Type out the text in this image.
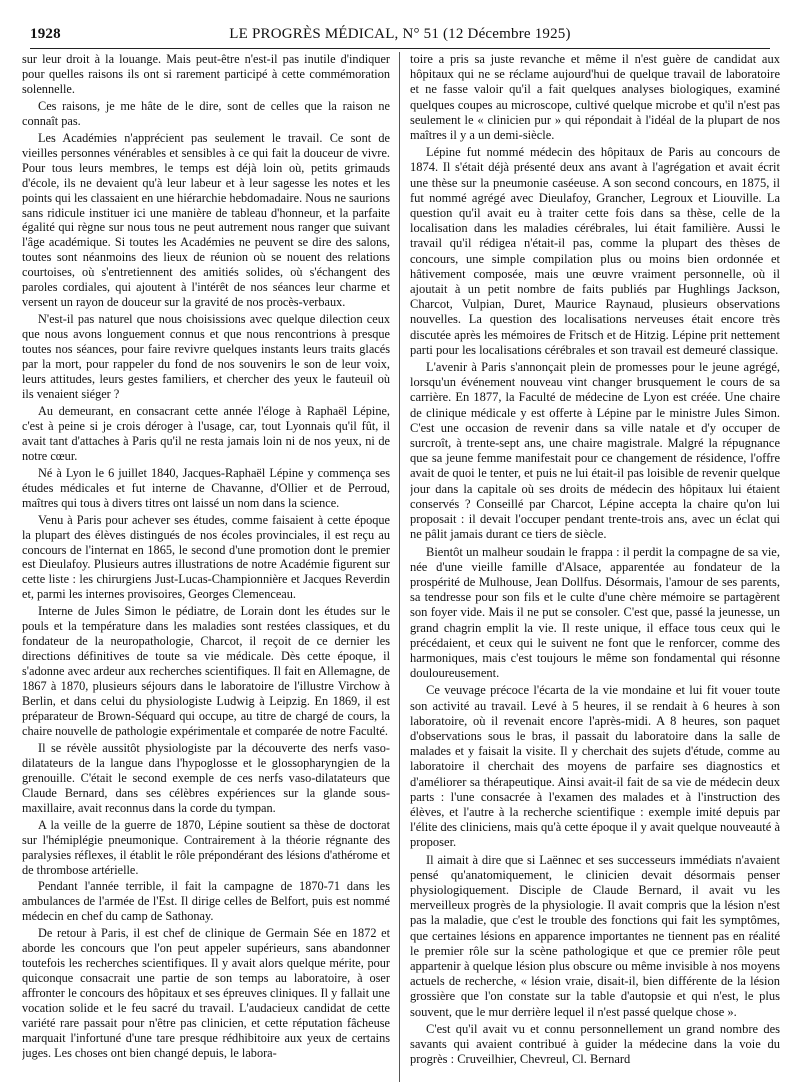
1928	LE PROGRÈS MÉDICAL, N° 51 (12 Décembre 1925)

sur leur droit à la louange. Mais peut-être n'est-il pas inutile d'indiquer pour quelles raisons ils ont si rarement participé à cette commémoration solennelle.

Ces raisons, je me hâte de le dire, sont de celles que la raison ne connaît pas.

Les Académies n'apprécient pas seulement le travail. Ce sont de vieilles personnes vénérables et sensibles à ce qui fait la douceur de vivre. Pour tous leurs membres, le temps est déjà loin où, petits grimauds d'école, ils ne devaient qu'à leur labeur et à leur sagesse les notes et les points qui les classaient en une hiérarchie hebdomadaire. Nous ne saurions sans ridicule instituer ici une manière de tableau d'honneur, et la parfaite égalité qui règne sur nous tous ne peut autrement nous ranger que suivant l'âge académique. Si toutes les Académies ne peuvent se dire des salons, toutes sont néanmoins des lieux de réunion où se nouent des relations courtoises, où s'entretiennent des amitiés solides, où s'échangent des paroles cordiales, qui ajoutent à l'intérêt de nos séances leur charme et versent un rayon de douceur sur la gravité de nos procès-verbaux.

N'est-il pas naturel que nous choisissions avec quelque dilection ceux que nous avons longuement connus et que nous rencontrions à presque toutes nos séances, pour faire revivre quelques instants leurs traits glacés par la mort, pour rappeler du fond de nos souvenirs le son de leur voix, leurs attitudes, leurs gestes familiers, et chercher des yeux le fauteuil où ils venaient siéger ?

Au demeurant, en consacrant cette année l'éloge à Raphaël Lépine, c'est à peine si je crois déroger à l'usage, car, tout Lyonnais qu'il fût, il avait tant d'attaches à Paris qu'il ne resta jamais loin ni de nos yeux, ni de notre cœur.

Né à Lyon le 6 juillet 1840, Jacques-Raphaël Lépine y commença ses études médicales et fut interne de Chavanne, d'Ollier et de Perroud, maîtres qui tous à divers titres ont laissé un nom dans la science.

Venu à Paris pour achever ses études, comme faisaient à cette époque la plupart des élèves distingués de nos écoles provinciales, il est reçu au concours de l'internat en 1865, le second d'une promotion dont le premier est Dieulafoy. Plusieurs autres illustrations de notre Académie figurent sur cette liste : les chirurgiens Just-Lucas-Championnière et Jacques Reverdin et, parmi les internes provisoires, Georges Clemenceau.

Interne de Jules Simon le pédiatre, de Lorain dont les études sur le pouls et la température dans les maladies sont restées classiques, et du fondateur de la neuropathologie, Charcot, il reçoit de ce dernier les directions définitives de toute sa vie médicale. Dès cette époque, il s'adonne avec ardeur aux recherches scientifiques. Il fait en Allemagne, de 1867 à 1870, plusieurs séjours dans le laboratoire de l'illustre Virchow à Berlin, et dans celui du physiologiste Ludwig à Leipzig. En 1869, il est préparateur de Brown-Séquard qui occupe, au titre de chargé de cours, la chaire nouvelle de pathologie expérimentale et comparée de notre Faculté.

Il se révèle aussitôt physiologiste par la découverte des nerfs vaso-dilatateurs de la langue dans l'hypoglosse et le glossopharyngien de la grenouille. C'était le second exemple de ces nerfs vaso-dilatateurs que Claude Bernard, dans ses célèbres expériences sur la glande sous-maxillaire, avait reconnus dans la corde du tympan.

A la veille de la guerre de 1870, Lépine soutient sa thèse de doctorat sur l'hémiplégie pneumonique. Contrairement à la théorie régnante des paralysies réflexes, il établit le rôle prépondérant des lésions d'athérome et de thrombose artérielle.

Pendant l'année terrible, il fait la campagne de 1870-71 dans les ambulances de l'armée de l'Est. Il dirige celles de Belfort, puis est nommé médecin en chef du camp de Sathonay.

De retour à Paris, il est chef de clinique de Germain Sée en 1872 et aborde les concours que l'on peut appeler supérieurs, sans abandonner toutefois les recherches scientifiques. Il y avait alors quelque mérite, pour quiconque consacrait une partie de son temps au laboratoire, à oser affronter le concours des hôpitaux et ses épreuves cliniques. Il y fallait une vocation solide et le feu sacré du travail. L'audacieux candidat de cette variété rare passait pour n'être pas clinicien, et cette réputation fâcheuse marquait l'infortuné d'une tare presque rédhibitoire aux yeux de certains juges. Les choses ont bien changé depuis, le labora-

toire a pris sa juste revanche et même il n'est guère de candidat aux hôpitaux qui ne se réclame aujourd'hui de quelque travail de laboratoire et ne fasse valoir qu'il a fait quelques analyses biologiques, examiné quelques coupes au microscope, cultivé quelque microbe et qu'il n'est pas seulement le « clinicien pur » qui répondait à l'idéal de la plupart de nos maîtres il y a un demi-siècle.

Lépine fut nommé médecin des hôpitaux de Paris au concours de 1874. Il s'était déjà présenté deux ans avant à l'agrégation et avait écrit une thèse sur la pneumonie caséeuse. A son second concours, en 1875, il fut nommé agrégé avec Dieulafoy, Grancher, Legroux et Liouville. La question qu'il avait eu à traiter cette fois dans sa thèse, celle de la localisation dans les maladies cérébrales, lui était familière. Aussi le travail qu'il rédigea n'était-il pas, comme la plupart des thèses de concours, une simple compilation plus ou moins bien ordonnée et hâtivement composée, mais une œuvre vraiment personnelle, où il ajoutait à un petit nombre de faits publiés par Hughlings Jackson, Charcot, Vulpian, Duret, Maurice Raynaud, plusieurs observations nouvelles. La question des localisations nerveuses était encore très discutée après les mémoires de Fritsch et de Hitzig. Lépine prit nettement parti pour les localisations cérébrales et son travail est demeuré classique.

L'avenir à Paris s'annonçait plein de promesses pour le jeune agrégé, lorsqu'un événement nouveau vint changer brusquement le cours de sa carrière. En 1877, la Faculté de médecine de Lyon est créée. Une chaire de clinique médicale y est offerte à Lépine par le ministre Jules Simon. C'est une occasion de revenir dans sa ville natale et d'y occuper de surcroît, à trente-sept ans, une chaire magistrale. Malgré la répugnance que sa jeune femme manifestait pour ce changement de résidence, l'offre avait de quoi le tenter, et puis ne lui était-il pas loisible de revenir quelque jour dans la capitale où ses droits de médecin des hôpitaux lui étaient conservés ? Conseillé par Charcot, Lépine accepta la chaire qu'on lui proposait : il devait l'occuper pendant trente-trois ans, avec un éclat qui ne pâlit jamais durant ce tiers de siècle.

Bientôt un malheur soudain le frappa : il perdit la compagne de sa vie, née d'une vieille famille d'Alsace, apparentée au fondateur de la prospérité de Mulhouse, Jean Dollfus. Désormais, l'amour de ses parents, sa tendresse pour son fils et le culte d'une chère mémoire se partagèrent son foyer vide. Mais il ne put se consoler. C'est que, passé la jeunesse, un grand chagrin emplit la vie. Il reste unique, il efface tous ceux qui le précédaient, et ceux qui le suivent ne font que le renforcer, comme des harmoniques, mais c'est toujours le même son fondamental qui résonne douloureusement.

Ce veuvage précoce l'écarta de la vie mondaine et lui fit vouer toute son activité au travail. Levé à 5 heures, il se rendait à 6 heures à son laboratoire, où il revenait encore l'après-midi. A 8 heures, son paquet d'observations sous le bras, il passait du laboratoire dans la salle de malades et y faisait la visite. Il y cherchait des sujets d'étude, comme au laboratoire il cherchait des moyens de parfaire ses diagnostics et d'améliorer sa thérapeutique. Ainsi avait-il fait de sa vie de médecin deux parts : l'une consacrée à l'examen des malades et à l'instruction des élèves, et l'autre à la recherche scientifique : exemple imité depuis par l'élite des cliniciens, mais qu'à cette époque il y avait quelque nouveauté à proposer.

Il aimait à dire que si Laënnec et ses successeurs immédiats n'avaient pensé qu'anatomiquement, le clinicien devait désormais penser physiologiquement. Disciple de Claude Bernard, il avait vu les merveilleux progrès de la physiologie. Il avait compris que la lésion n'est pas la maladie, que c'est le trouble des fonctions qui fait les symptômes, que certaines lésions en apparence importantes ne tiennent pas en réalité le premier rôle sur la scène pathologique et que ce premier rôle peut appartenir à quelque lésion plus obscure ou même invisible à nos moyens actuels de recherche, « lésion vraie, disait-il, bien différente de la lésion grossière que l'on constate sur la table d'autopsie et qui n'est, le plus souvent, que le mur derrière lequel il n'est passé quelque chose ».

C'est qu'il avait vu et connu personnellement un grand nombre des savants qui avaient contribué à guider la médecine dans la voie du progrès : Cruveilhier, Chevreul, Cl. Bernard
